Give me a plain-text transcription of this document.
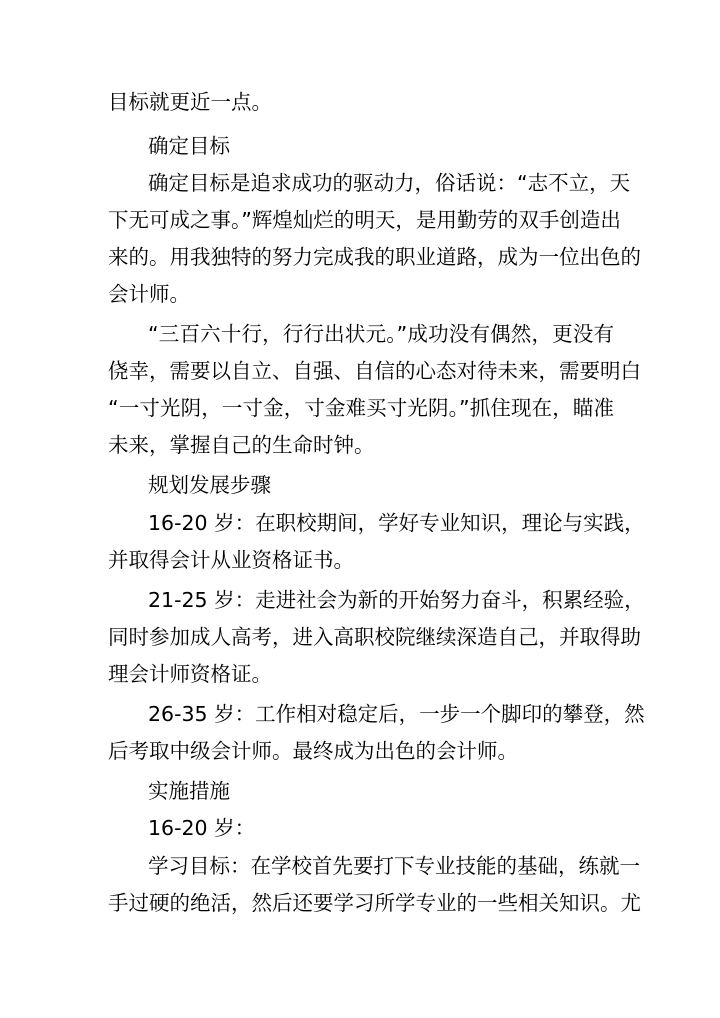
目标就更近一点。
确定目标
确定目标是追求成功的驱动力，俗话说：“志不立，天
下无可成之事。”辉煌灿烂的明天，是用勤劳的双手创造出
来的。用我独特的努力完成我的职业道路，成为一位出色的
会计师。
“三百六十行，行行出状元。”成功没有偶然，更没有
侥幸，需要以自立、自强、自信的心态对待未来，需要明白
“一寸光阴，一寸金，寸金难买寸光阴。”抓住现在，瞄准
未来，掌握自己的生命时钟。
规划发展步骤
16-20 岁：在职校期间，学好专业知识，理论与实践，
并取得会计从业资格证书。
21-25 岁：走进社会为新的开始努力奋斗，积累经验，
同时参加成人高考，进入高职校院继续深造自己，并取得助
理会计师资格证。
26-35 岁：工作相对稳定后，一步一个脚印的攀登，然
后考取中级会计师。最终成为出色的会计师。
实施措施
16-20 岁：
学习目标：在学校首先要打下专业技能的基础，练就一
手过硬的绝活，然后还要学习所学专业的一些相关知识。尤
